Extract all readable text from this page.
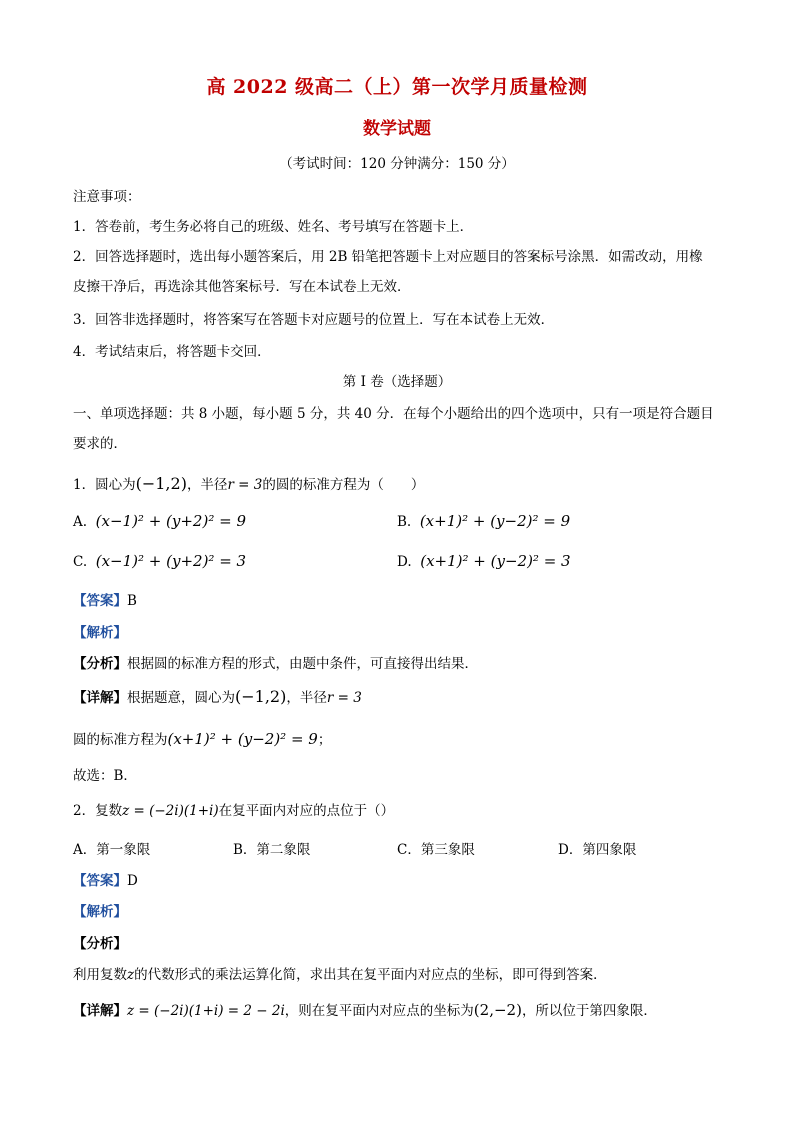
高 2022 级高二（上）第一次学月质量检测
数学试题
（考试时间：120 分钟满分：150 分）
注意事项：
1．答卷前，考生务必将自己的班级、姓名、考号填写在答题卡上．
2．回答选择题时，选出每小题答案后，用 2B 铅笔把答题卡上对应题目的答案标号涂黑．如需改动，用橡
皮擦干净后，再选涂其他答案标号．写在本试卷上无效．
3．回答非选择题时，将答案写在答题卡对应题号的位置上．写在本试卷上无效．
4．考试结束后，将答题卡交回．
第 I 卷（选择题）
一、单项选择题：共 8 小题，每小题 5 分，共 40 分．在每个小题给出的四个选项中，只有一项是符合题目
要求的．
1．圆心为(−1,2)，半径r = 3的圆的标准方程为（　　）
A. (x−1)² + (y+2)² = 9	B. (x+1)² + (y−2)² = 9
C. (x−1)² + (y+2)² = 3	D. (x+1)² + (y−2)² = 3
【答案】B
【解析】
【分析】根据圆的标准方程的形式，由题中条件，可直接得出结果．
【详解】根据题意，圆心为(−1,2)，半径r = 3
圆的标准方程为(x+1)² + (y−2)² = 9；
故选：B．
2．复数z = (−2i)(1+i)在复平面内对应的点位于（）
A．第一象限	B．第二象限	C．第三象限	D．第四象限
【答案】D
【解析】
【分析】
利用复数z的代数形式的乘法运算化简，求出其在复平面内对应点的坐标，即可得到答案．
【详解】z = (−2i)(1+i) = 2 − 2i，则在复平面内对应点的坐标为(2,−2)，所以位于第四象限．
